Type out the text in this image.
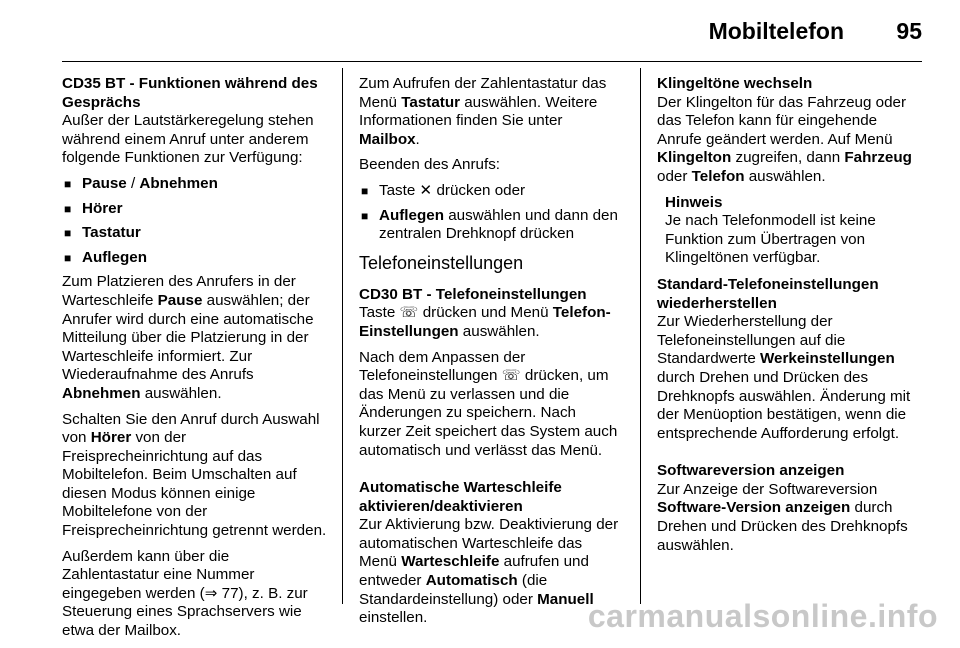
Mobiltelefon 95

CD35 BT - Funktionen während des Gesprächs

Außer der Lautstärkeregelung stehen während einem Anruf unter anderem folgende Funktionen zur Verfügung:

■ Pause / Abnehmen
■ Hörer
■ Tastatur
■ Auflegen

Zum Platzieren des Anrufers in der Warteschleife Pause auswählen; der Anrufer wird durch eine automatische Mitteilung über die Platzierung in der Warteschleife informiert. Zur Wiederaufnahme des Anrufs Abnehmen auswählen.

Schalten Sie den Anruf durch Auswahl von Hörer von der Freisprecheinrichtung auf das Mobiltelefon. Beim Umschalten auf diesen Modus können einige Mobiltelefone von der Freisprecheinrichtung getrennt werden.

Außerdem kann über die Zahlentastatur eine Nummer eingegeben werden (⇒ 77), z. B. zur Steuerung eines Sprachservers wie etwa der Mailbox.

Zum Aufrufen der Zahlentastatur das Menü Tastatur auswählen. Weitere Informationen finden Sie unter Mailbox.

Beenden des Anrufs:

■ Taste ✕ drücken oder
■ Auflegen auswählen und dann den zentralen Drehknopf drücken

Telefoneinstellungen

CD30 BT - Telefoneinstellungen

Taste ☏ drücken und Menü Telefon-Einstellungen auswählen.

Nach dem Anpassen der Telefoneinstellungen ☏ drücken, um das Menü zu verlassen und die Änderungen zu speichern. Nach kurzer Zeit speichert das System auch automatisch und verlässt das Menü.

Automatische Warteschleife aktivieren/deaktivieren

Zur Aktivierung bzw. Deaktivierung der automatischen Warteschleife das Menü Warteschleife aufrufen und entweder Automatisch (die Standardeinstellung) oder Manuell einstellen.

Klingeltöne wechseln

Der Klingelton für das Fahrzeug oder das Telefon kann für eingehende Anrufe geändert werden. Auf Menü Klingelton zugreifen, dann Fahrzeug oder Telefon auswählen.

Hinweis

Je nach Telefonmodell ist keine Funktion zum Übertragen von Klingeltönen verfügbar.

Standard-Telefoneinstellungen wiederherstellen

Zur Wiederherstellung der Telefoneinstellungen auf die Standardwerte Werkeinstellungen durch Drehen und Drücken des Drehknopfs auswählen. Änderung mit der Menüoption bestätigen, wenn die entsprechende Aufforderung erfolgt.

Softwareversion anzeigen

Zur Anzeige der Softwareversion Software-Version anzeigen durch Drehen und Drücken des Drehknopfs auswählen.

carmanualsonline.info
